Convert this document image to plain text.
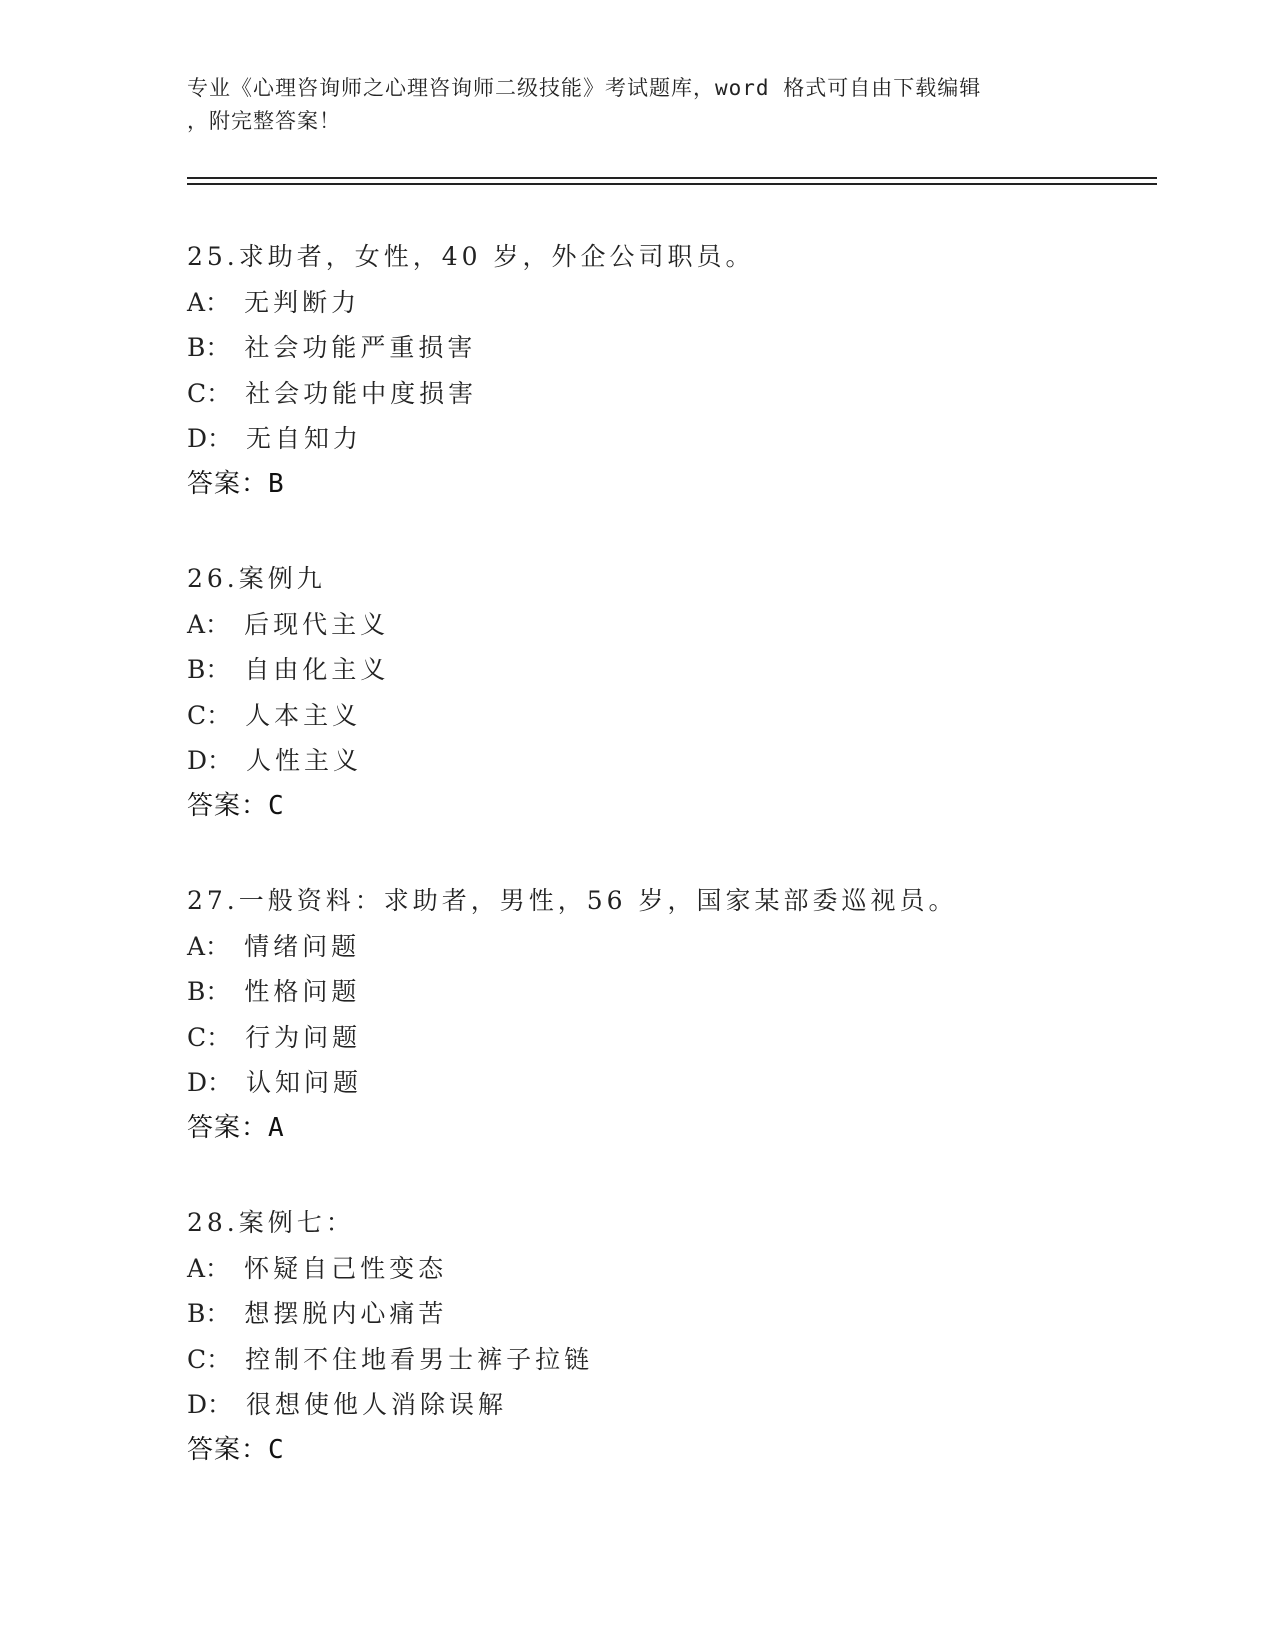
专业《心理咨询师之心理咨询师二级技能》考试题库，word 格式可自由下载编辑
，附完整答案！
25.求助者，女性，40 岁，外企公司职员。
A： 无判断力
B： 社会功能严重损害
C： 社会功能中度损害
D： 无自知力
答案：B
26.案例九
A： 后现代主义
B： 自由化主义
C： 人本主义
D： 人性主义
答案：C
27.一般资料：求助者，男性，56 岁，国家某部委巡视员。
A： 情绪问题
B： 性格问题
C： 行为问题
D： 认知问题
答案：A
28.案例七：
A： 怀疑自己性变态
B： 想摆脱内心痛苦
C： 控制不住地看男士裤子拉链
D： 很想使他人消除误解
答案：C
